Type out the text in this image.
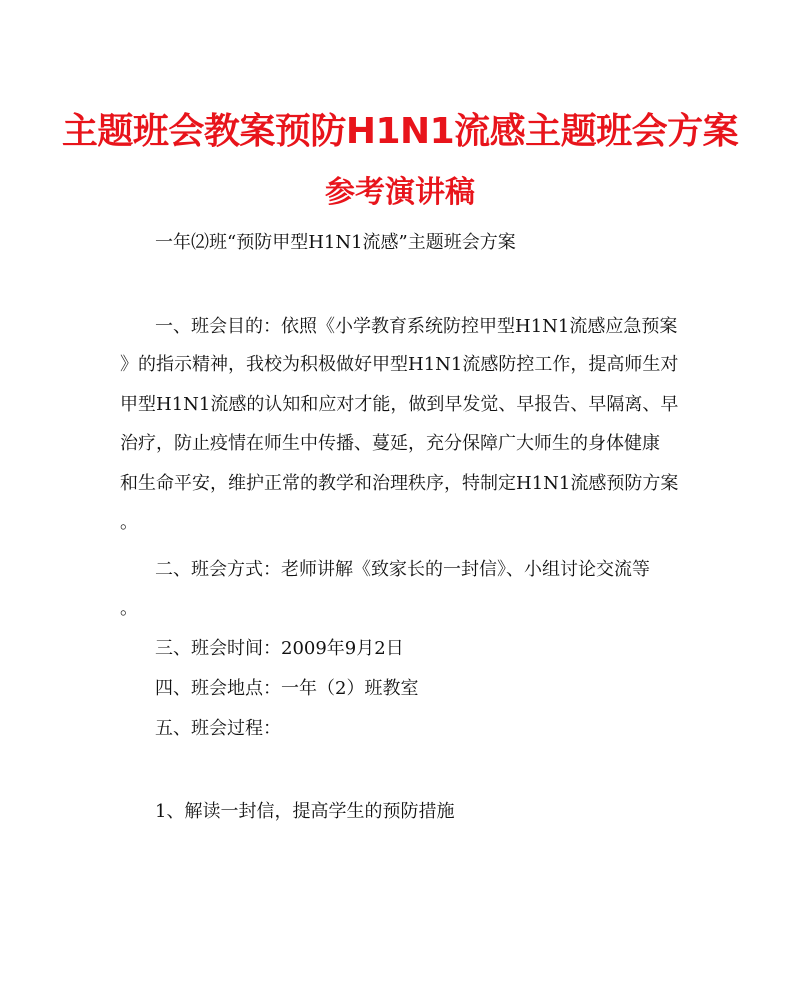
主题班会教案预防H1N1流感主题班会方案
参考演讲稿

一年⑵班“预防甲型H1N1流感”主题班会方案

一、班会目的：依照《小学教育系统防控甲型H1N1流感应急预案

》的指示精神，我校为积极做好甲型H1N1流感防控工作，提高师生对

甲型H1N1流感的认知和应对才能，做到早发觉、早报告、早隔离、早

治疗，防止疫情在师生中传播、蔓延，充分保障广大师生的身体健康

和生命平安，维护正常的教学和治理秩序，特制定H1N1流感预防方案

。

二、班会方式：老师讲解《致家长的一封信》、小组讨论交流等

。

三、班会时间：2009年9月2日

四、班会地点：一年（2）班教室

五、班会过程：

1、解读一封信，提高学生的预防措施
